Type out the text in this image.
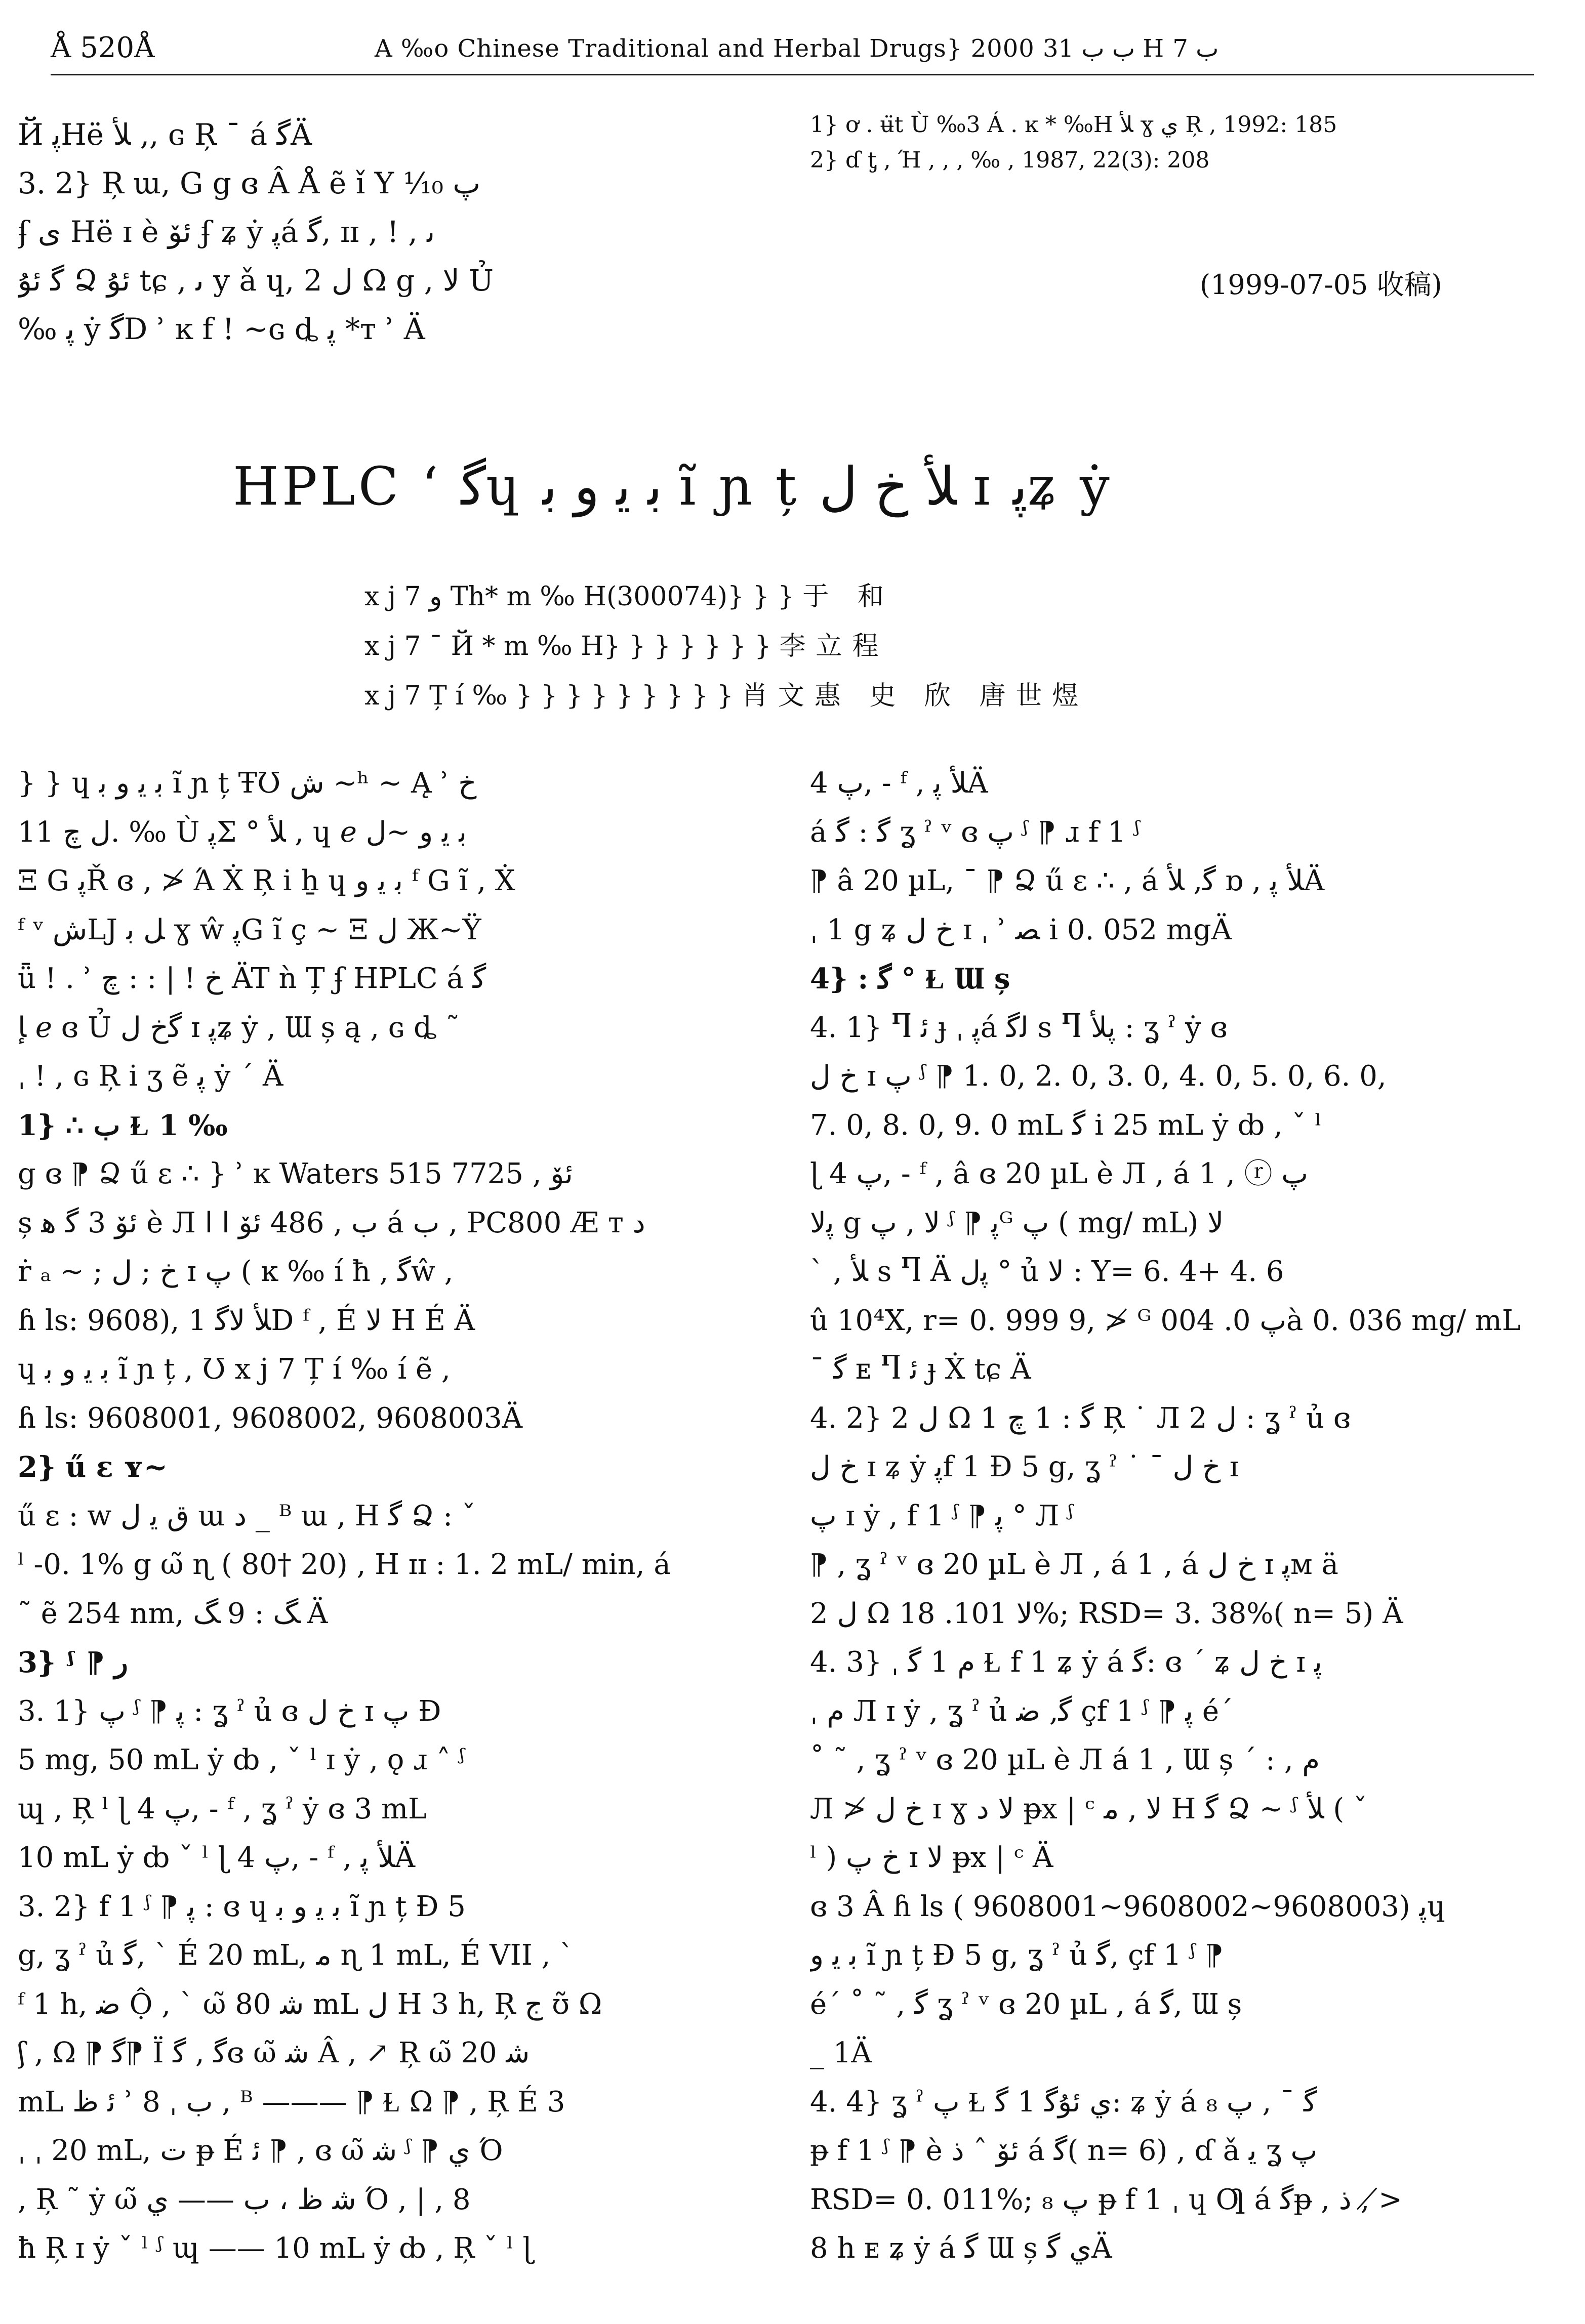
Å 520Å	A ‰o Chinese Traditional and Herbal Drugs} 2000 ﺏ ﺏ 31 H ﺏ 7

Й ﭘHë ﻸ ,, ɢ Ŗ ˉ á ﮔÄ

3. 2} Ŗ ɯ, G g ɞ Â Å ẽ ǐ Y ﭖ ¹⁄₁₀

ʄ ﻯ Hë ɪ è ﺋﯚ ʄ ʑ ẏ ﭘá ﮔ, ɪɪ , ! , ﯨ

ﮔ ﺋﯘ Ձ ﺋﯘ tɕ , ﯨ y ǎ ɥ, ﻝ 2 Ω g , ﻻ Ủ

‰ ﭘ ẏ ﮔD ʾ ĸ f ! ~ɢ ȡ ﭘ *ᴛ ʾ Ä

1} ơ . ʉ̈t Ù ‰3 Á . ĸ * ‰H ﻸ ɣ ﻱ Ŗ , 1992: 185

2} ɗ ƫ , Ή , , , ‰ , 1987, 22(3): 208

(1999-07-05 收稿)
HPLC ‘ ﮔɥ ﺑ ﯾ ﻭ ﺑ ĩ ɲ ț ﻸ ﺥ ﻝ ɪ ﭘʑ ẏ

x j 7 ﻭ Th* m ‰ H(300074)} } } 于 和

x j 7 ¯ Й * m ‰ H} } } } } } } 李立程

x j 7 Ț í ‰ } } } } } } } } } 肖文惠 史 欣 唐世煜

} } ɥ ﺑ ﯾ ﻭ ﺑ ĩ ɲ ț ŦƱ ﺵ ~ʰ ~ Ą ʾ ﺥ

ﻝ ﭺ 11. ‰ Ù ﭘΣ ° ﻸ , ɥ ℯ ﺑ ﯾ ﻭ ~ﻝ

Ξ G ﭘŘ ɞ , ≯ Ά Ẋ Ŗ i ẖ ɥ ﺑ ﯾ ﻭ ᶠ G ĩ , Ẋ

ᶠ ᵛ ﺵLJ ﻞ ﺑ ɣ ŵ ﭘG ĩ ç ~ Ξ ﻝ Ж~Ÿ

ǖ ! . ʾ ﺥ ! | : : ﭺ ÄT ǹ Ț ʄ HPLC á ﮔ

ﺈ ℯ ɞ Ủ ﮔﺥ ﻝ ɪ ﭘʑ ẏ , Ɯ ș ą , ɢ ȡ ˜

ˌ ! , ɢ Ŗ i ʒ ẽ ﭘ ẏ ´ Ä

1} ∴ ﺏ Ɫ 1 ‰

g ɞ ⁋ Ձ ű ɛ ∴ } ʾ ĸ Waters 515 ﺋﯚ , 7725

ș ﺋﯚ 3 ﮔ ﻫ è Л ﺏ , 486 ﺋﯚ ﺍ ﺍ á ﺏ , PC800 Æ ᴛ ﺩ

ṙ ₐ ~ ; ﺥ ; ﻝ ɪ ﭖ ( ĸ ‰ í ħ , ﮔŵ ,

ɦ ls: 9608), 1 ﻸ ﻻﮔD ᶠ , É ﻻ H É Ä

ɥ ﺑ ﯾ ﻭ ﺑ ĩ ɲ ț , Ʊ x j 7 Ț í ‰ í ẽ ,

ɦ ls: 9608001, 9608002, 9608003Ä

2} ű ɛ ʏ~

ű ɛ : w ﻕ ﯾ ﻝ ɯ ﺩ _ ᴮ ɯ , H ﮔ Ձ : ˇ

ˡ -0. 1% g ω̃ ɳ ( 80† 20) , H ɪɪ : 1. 2 mL/ min, á

˜ ẽ 254 nm, ﮓ : 9 ﮓ Ä

3} ᶴ ⁋ ﺭ

3. 1} ﭖ ᶴ ⁋ ﭘ : ʓ ˀ ủ ɞ ﺥ ﻝ ɪ ﭖ Ð

5 mg, 50 mL ẏ ȸ , ˇ ˡ ɪ ẏ , ǫ ɹ ˄ ᶴ

ɰ , Ŗ ˡ ɭ 4 ﭖ, - ᶠ , ʓ ˀ ẏ ɞ 3 mL

10 mL ẏ ȸ ˇ ˡ ɭ 4 ﭖ, - ᶠ , ﻸ ﭘÄ

3. 2} f 1 ᶴ ⁋ ﭘ : ɞ ɥ ﺑ ﯾ ﻭ ﺑ ĩ ɲ ț Ð 5

g, ʓ ˀ ủ ﮔ, ˋ É 20 mL, ﻣ ɳ 1 mL, É VII , ˋ

ᶠ 1 h, ﺿ Ộ , ˋ ω̃ ﺷ 80 mL ﻝ H 3 h, Ŗ ﺝ ʊ̃ Ω

ʃ , Ω ⁋ ﮔ⁋ Ï ﮔ , ﮔɞ ω̃ ﺷ Â , ↗ Ŗ ω̃ ﺷ 20

mL ﺋ ﻅ ʾ ﺏ ˌ 8 , ᴮ ——— ⁋ Ɫ Ω ⁋ , Ŗ É 3

ˌ ˌ 20 mL, ﺕ ᵽ É ﺋ ⁋ , ɞ ω̃ ﺷ ᶴ ⁋ ﻱ Ό

, Ŗ ˜ ẏ ω̃ ﺷ ﻅ ، ﺏ —— ﻱ Ό , | , 8

ħ Ŗ ɪ ẏ ˇ ˡ ᶴ ɰ —— 10 mL ẏ ȸ , Ŗ ˇ ˡ ɭ

4 ﭖ, - ᶠ , ﻸ ﭘÄ

á ﮔ : ﮔ ʓ ˀ ᵛ ɞ ﭖ ᶴ ⁋ ɹ f 1 ᶴ

⁋ â 20 µL, ˉ ⁋ Ձ ű ɛ ∴ , á ﮔ, ﻸ ɒ , ﻸ ﭘÄ

ˌ 1 g ʑ ﺥ ﻝ ɪ ˌ ʾ ﺼ i 0. 052 mgÄ

4} : ﮔ ° Ɫ Ɯ ș

4. 1} Ⴄ ﺋ ɟ ˌ ﭘá ﻟﮔ s Ⴄ ﭘﻸ : ʓ ˀ ẏ ɞ

ﺥ ﻝ ɪ ﭖ ᶴ ⁋ 1. 0, 2. 0, 3. 0, 4. 0, 5. 0, 6. 0,

7. 0, 8. 0, 9. 0 mL ﮔ i 25 mL ẏ ȸ , ˇ ˡ

ɭ 4 ﭖ, - ᶠ , â ɞ 20 µL è Л , á 1 , ⓡ ﭖ

ﭘﻻ g ﻻ , ﭖ ᶴ ⁋ ﭘᴳ ﭖ ( mg/ mL) ﻻ

` , ﻸ s Ⴄ Ä ﭘﻝ ° ủ ﻻ : Y= 6. 4+ 4. 6

û 10⁴X, r= 0. 999 9, ≯ ᴳ ﭖ 0. 004à 0. 036 mg/ mL

ˉ ﮔ ᴇ Ⴄ ﺋ ɟ Ẋ tɕ Ä

4. 2} ﻝ 2 Ω 1 ﮔ : 1 ﭺ Ŗ ˙ Л ﻝ 2 : ʓ ˀ ủ ɞ

ﺥ ﻝ ɪ ʑ ẏ ﭘf 1 Ð 5 g, ʓ ˀ ˙ ˉ ﺥ ﻝ ɪ

ﭖ ɪ ẏ , f 1 ᶴ ⁋ ﭘ ° Л ᶴ

⁋ , ʓ ˀ ᵛ ɞ 20 µL è Л , á 1 , á ﺥ ﻝ ɪ ﭘм ä

ﻝ 2 Ω ﻻ 101. 18%; RSD= 3. 38%( n= 5) Ä

4. 3} ˌ ﻡ 1 ﮔ Ɫ f 1 ʑ ẏ á ﮔ: ɞ ´ ʑ ﺥ ﻝ ɪ ﭘ

ˌ ﻡ Л ɪ ẏ , ʓ ˀ ủ ﮔ, ﺿ çf 1 ᶴ ⁋ ﭘ é´

˚ ˜ , ʓ ˀ ᵛ ɞ 20 µL è Л á 1 , Ɯ ș ´ : , ﻡ

Л ≯ ﺥ ﻝ ɪ ɣ ﻻ ﺩ ᵽx | ᶜ ﻻ , ﻣ H ﮔ Ձ ~ ᶴ ﻸ ( ˇ

ˡ ) ﺥ ﭖ ɪ ﻻ ᵽx | ᶜ Ä

ɞ 3 Â ɦ ls ( 9608001~9608002~9608003) ﭘɥ

ﺑ ﯾ ﻭ ĩ ɲ ț Ð 5 g, ʓ ˀ ủ ﮔ, çf 1 ᶴ ⁋

é´ ˚ ˜ , ﮔ ʓ ˀ ᵛ ɞ 20 µL , á ﮔ, Ɯ ș

_ 1Ä

4. 4} ʓ ˀ ﭖ Ɫ ﻱ ﺋﯘﮔ 1 ﮔ: ʑ ẏ á ﮔ ˉ , ﭖ ₈

ᵽ f 1 ᶴ ⁋ è ﺋﯚ ˆ ﺫ á ﮔ( n= 6) , ɗ ǎ ﯾ ʓ ﭖ

RSD= 0. 011%; ﭖ ₈ ᵽ f 1 ˌ ɥ Ƣ á ﮔᵽ , ﺫ , ≯

8 h ᴇ ʑ ẏ á ﮔ Ɯ ș ﻱ ﮔÄ
